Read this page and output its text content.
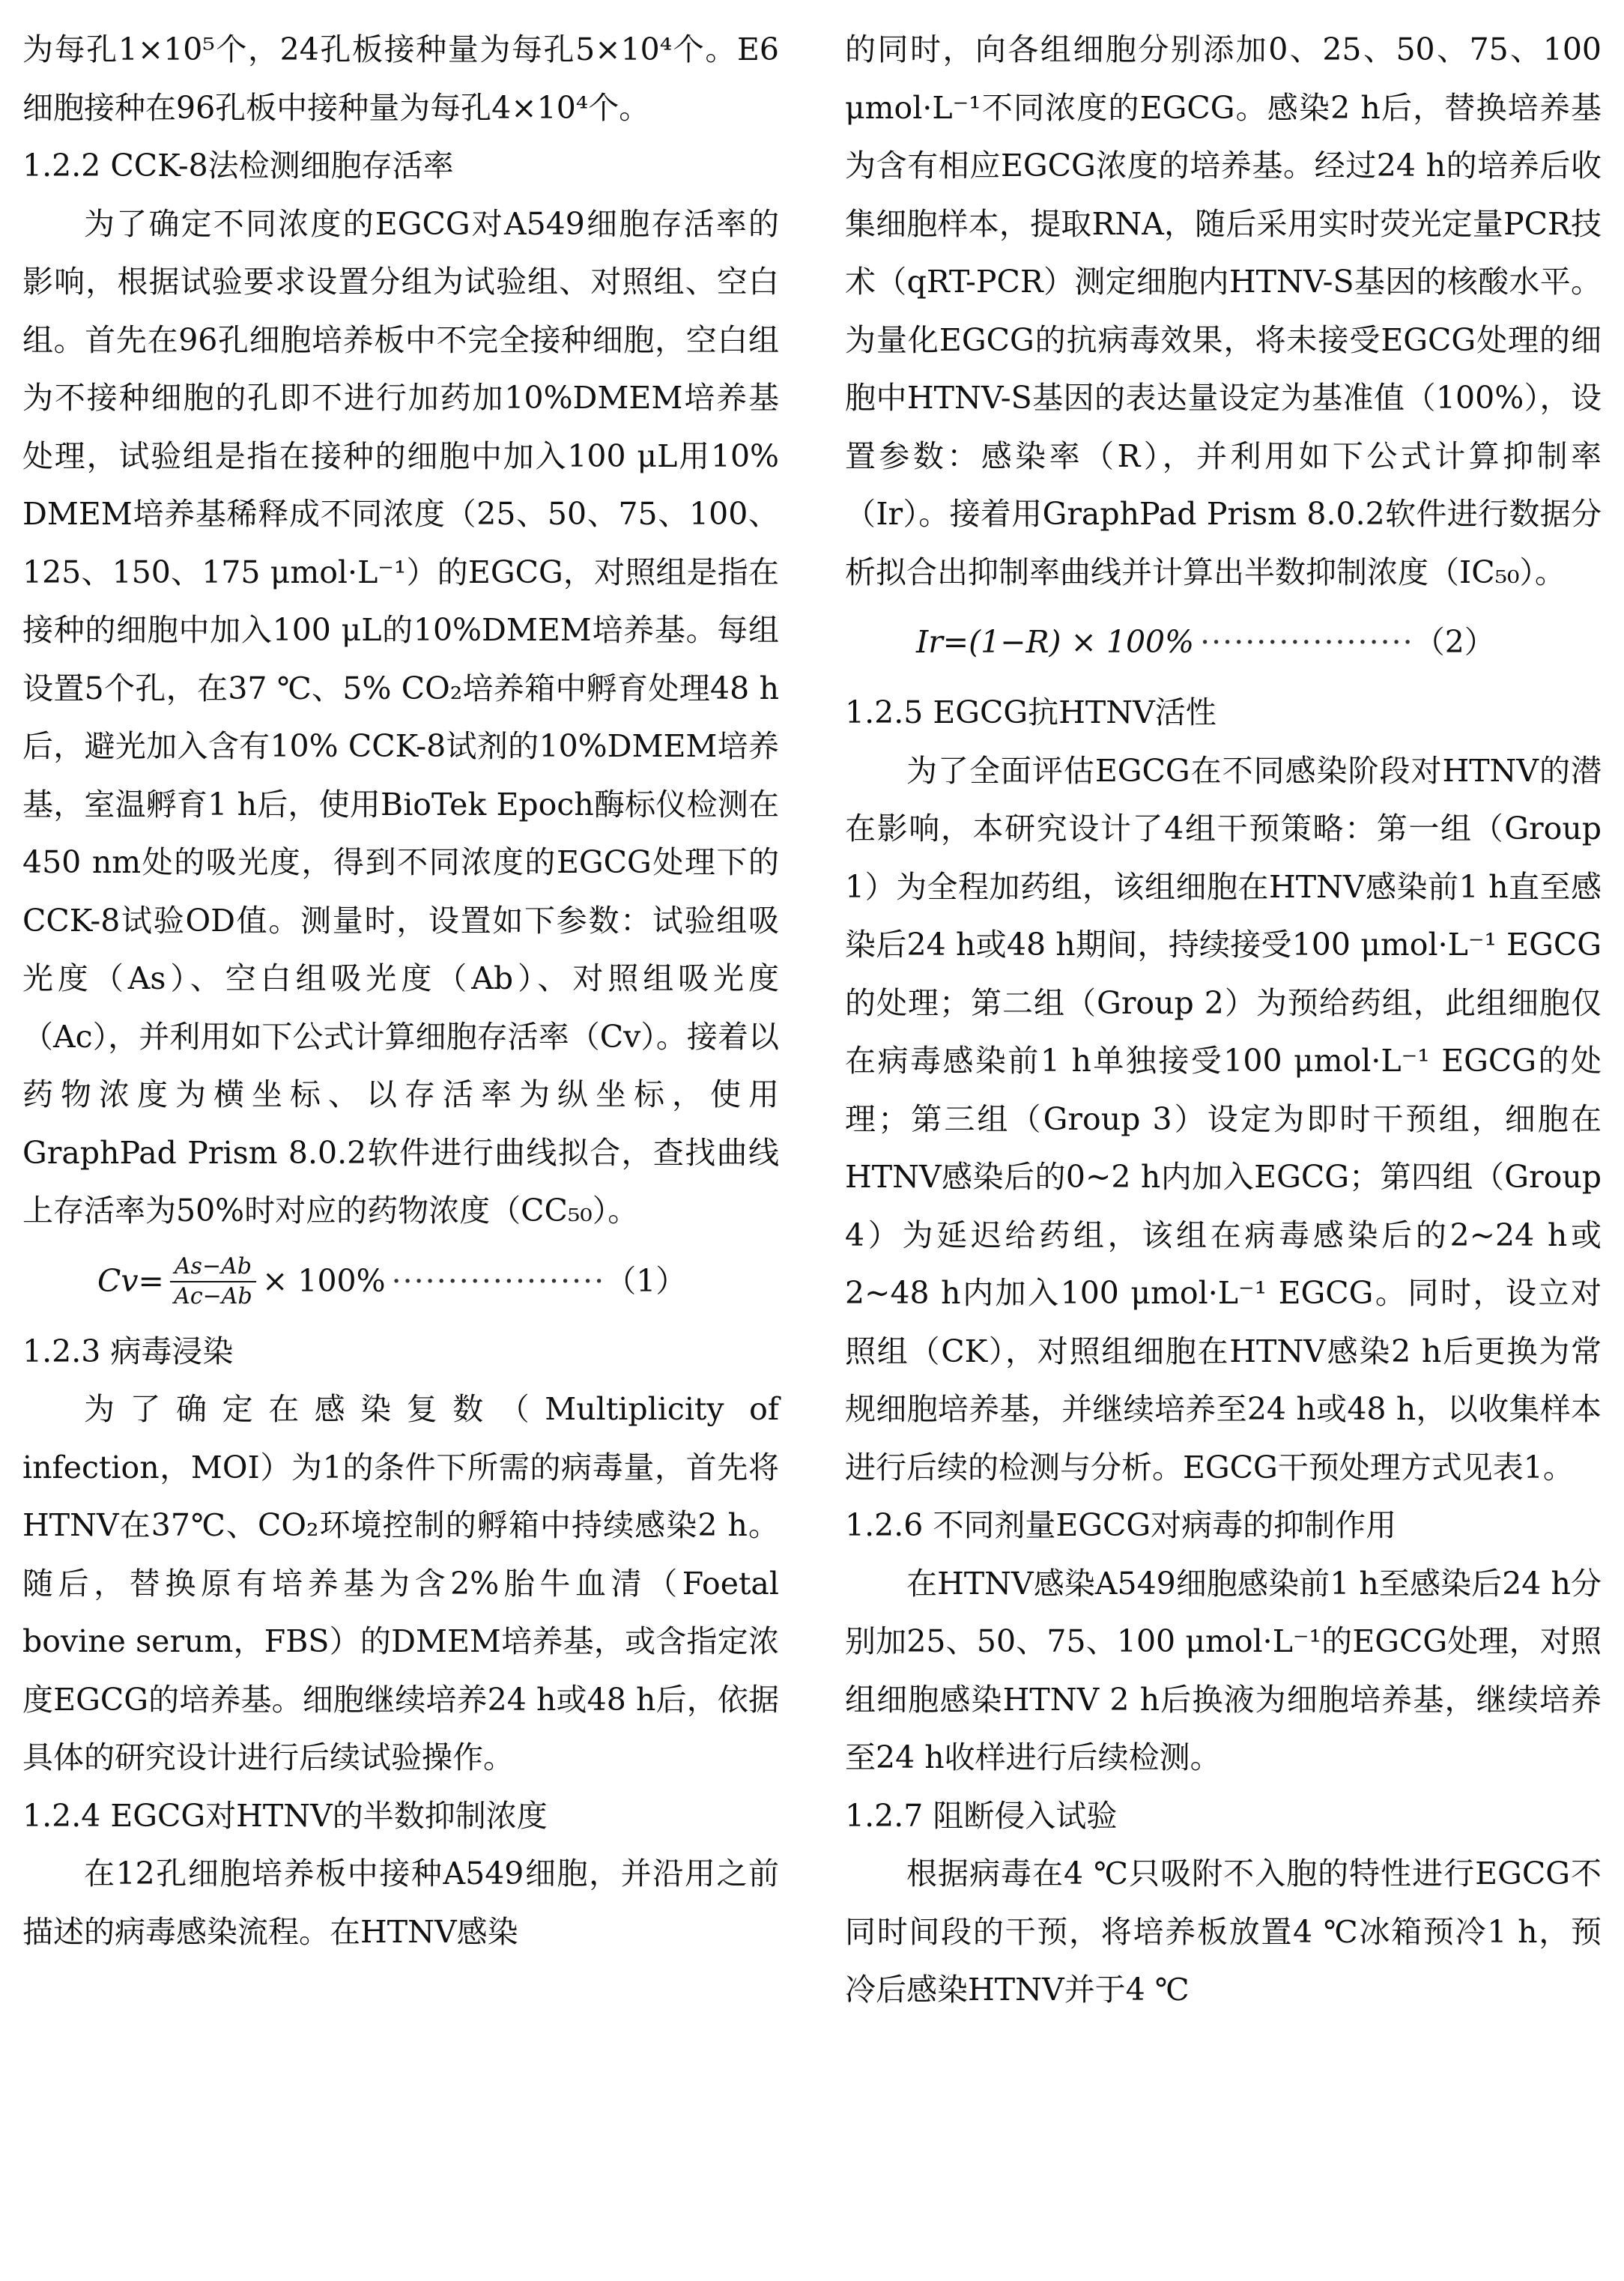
为每孔1×10⁵个，24孔板接种量为每孔5×10⁴个。E6细胞接种在96孔板中接种量为每孔4×10⁴个。

1.2.2 CCK-8法检测细胞存活率

为了确定不同浓度的EGCG对A549细胞存活率的影响，根据试验要求设置分组为试验组、对照组、空白组。首先在96孔细胞培养板中不完全接种细胞，空白组为不接种细胞的孔即不进行加药加10%DMEM培养基处理，试验组是指在接种的细胞中加入100 μL用10% DMEM培养基稀释成不同浓度（25、50、75、100、125、150、175 μmol·L⁻¹）的EGCG，对照组是指在接种的细胞中加入100 μL的10%DMEM培养基。每组设置5个孔，在37 ℃、5% CO₂培养箱中孵育处理48 h后，避光加入含有10% CCK-8试剂的10%DMEM培养基，室温孵育1 h后，使用BioTek Epoch酶标仪检测在450 nm处的吸光度，得到不同浓度的EGCG处理下的CCK-8试验OD值。测量时，设置如下参数：试验组吸光度（As）、空白组吸光度（Ab）、对照组吸光度（Ac），并利用如下公式计算细胞存活率（Cv）。接着以药物浓度为横坐标、以存活率为纵坐标，使用GraphPad Prism 8.0.2软件进行曲线拟合，查找曲线上存活率为50%时对应的药物浓度（CC₅₀）。

$Cv= \frac{As-Ab}{Ac-Ab} \times 100\%$ ··················· （1）

1.2.3 病毒浸染

为了确定在感染复数（Multiplicity of infection，MOI）为1的条件下所需的病毒量，首先将HTNV在37℃、CO₂环境控制的孵箱中持续感染2 h。随后，替换原有培养基为含2%胎牛血清（Foetal bovine serum，FBS）的DMEM培养基，或含指定浓度EGCG的培养基。细胞继续培养24 h或48 h后，依据具体的研究设计进行后续试验操作。

1.2.4 EGCG对HTNV的半数抑制浓度

在12孔细胞培养板中接种A549细胞，并沿用之前描述的病毒感染流程。在HTNV感染

的同时，向各组细胞分别添加0、25、50、75、100 μmol·L⁻¹不同浓度的EGCG。感染2 h后，替换培养基为含有相应EGCG浓度的培养基。经过24 h的培养后收集细胞样本，提取RNA，随后采用实时荧光定量PCR技术（qRT-PCR）测定细胞内HTNV-S基因的核酸水平。为量化EGCG的抗病毒效果，将未接受EGCG处理的细胞中HTNV-S基因的表达量设定为基准值（100%），设置参数：感染率（R），并利用如下公式计算抑制率（Ir）。接着用GraphPad Prism 8.0.2软件进行数据分析拟合出抑制率曲线并计算出半数抑制浓度（IC₅₀）。

Ir=(1−R) × 100% ··················· （2）

1.2.5 EGCG抗HTNV活性

为了全面评估EGCG在不同感染阶段对HTNV的潜在影响，本研究设计了4组干预策略：第一组（Group 1）为全程加药组，该组细胞在HTNV感染前1 h直至感染后24 h或48 h期间，持续接受100 μmol·L⁻¹ EGCG的处理；第二组（Group 2）为预给药组，此组细胞仅在病毒感染前1 h单独接受100 μmol·L⁻¹ EGCG的处理；第三组（Group 3）设定为即时干预组，细胞在HTNV感染后的0~2 h内加入EGCG；第四组（Group 4）为延迟给药组，该组在病毒感染后的2~24 h或2~48 h内加入100 μmol·L⁻¹ EGCG。同时，设立对照组（CK），对照组细胞在HTNV感染2 h后更换为常规细胞培养基，并继续培养至24 h或48 h，以收集样本进行后续的检测与分析。EGCG干预处理方式见表1。

1.2.6 不同剂量EGCG对病毒的抑制作用

在HTNV感染A549细胞感染前1 h至感染后24 h分别加25、50、75、100 μmol·L⁻¹的EGCG处理，对照组细胞感染HTNV 2 h后换液为细胞培养基，继续培养至24 h收样进行后续检测。

1.2.7 阻断侵入试验

根据病毒在4 ℃只吸附不入胞的特性进行EGCG不同时间段的干预，将培养板放置4 ℃冰箱预冷1 h，预冷后感染HTNV并于4 ℃
